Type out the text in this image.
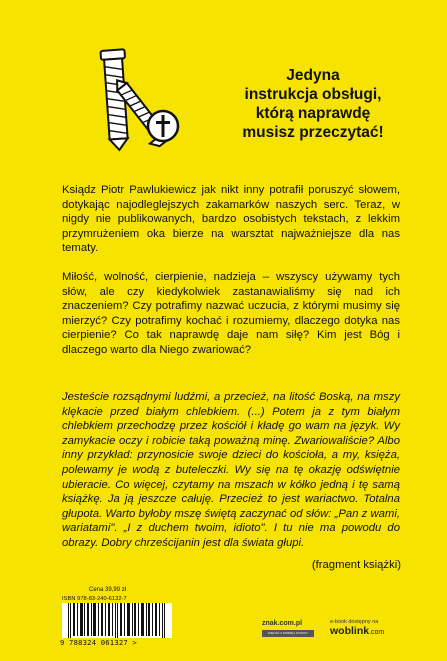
Jedyna
instrukcja obsługi,
którą naprawdę
musisz przeczytać!

Ksiądz Piotr Pawlukiewicz jak nikt inny potrafił poruszyć słowem, dotykając najodleglejszych zakamarków naszych serc. Teraz, w nigdy nie publikowanych, bardzo osobistych tekstach, z lekkim przymrużeniem oka bierze na warsztat najważniejsze dla nas tematy.

Miłość, wolność, cierpienie, nadzieja – wszyscy używamy tych słów, ale czy kiedykolwiek zastanawialiśmy się nad ich znaczeniem? Czy potrafimy nazwać uczucia, z którymi musimy się mierzyć? Czy potrafimy kochać i rozumiemy, dlaczego dotyka nas cierpienie? Co tak naprawdę daje nam siłę? Kim jest Bóg i dlaczego warto dla Niego zwariować?

Jesteście rozsądnymi ludźmi, a przecież, na litość Boską, na mszy klękacie przed białym chlebkiem. (...) Potem ja z tym białym chlebkiem przechodzę przez kościół i kładę go wam na język. Wy zamykacie oczy i robicie taką poważną minę. Zwariowaliście? Albo inny przykład: przynosicie swoje dzieci do kościoła, a my, księża, polewamy je wodą z buteleczki. Wy się na tę okazję odświętnie ubieracie. Co więcej, czytamy na mszach w kółko jedną i tę samą książkę. Ja ją jeszcze całuję. Przecież to jest wariactwo. Totalna głupota. Warto byłoby mszę świętą zaczynać od słów: „Pan z wami, wariatami". „I z duchem twoim, idioto". I tu nie ma powodu do obrazy. Dobry chrześcijanin jest dla świata głupi.

(fragment książki)
Cena 39,99 zł
ISBN 978-83-240-6132-7
9 788324 061327 >
znak.com.pl
WIEDZA Z DOBREJ STRONY
e-book dostępny na
woblink.com
